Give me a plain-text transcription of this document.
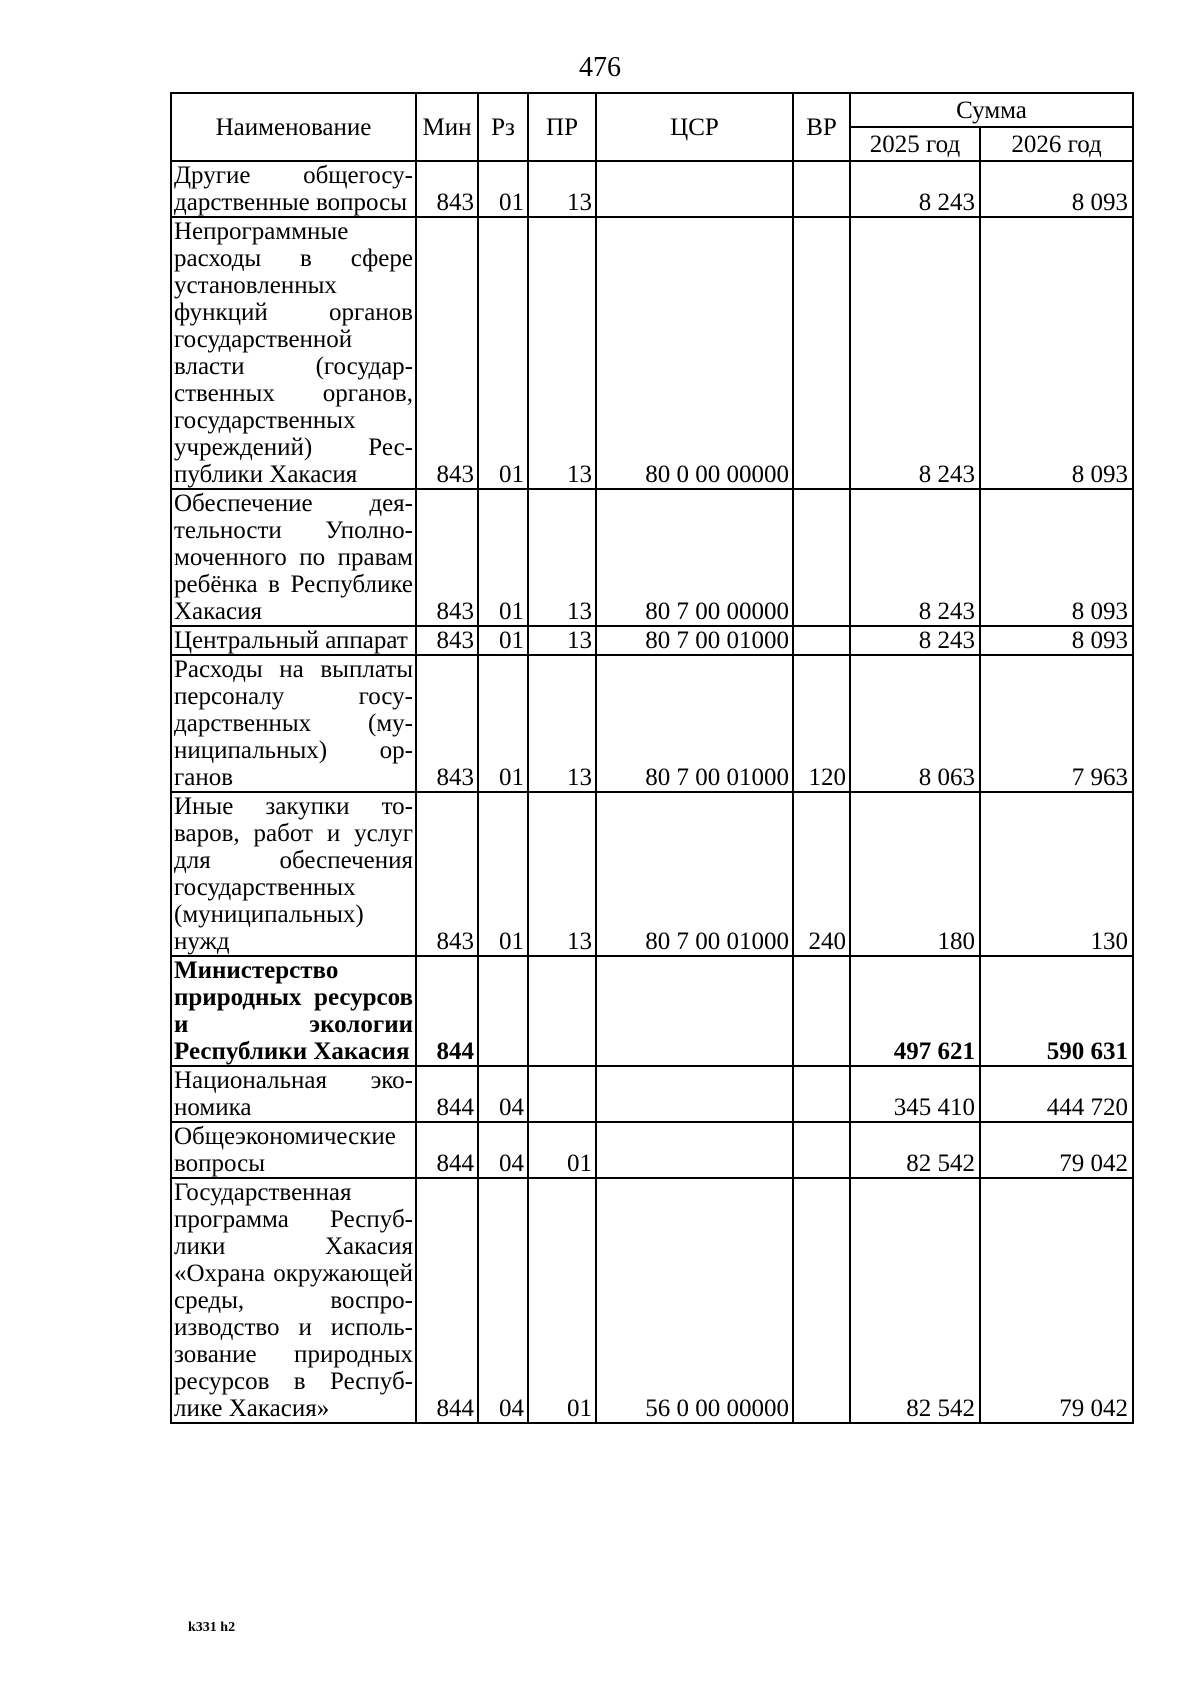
476
Наименование	Мин	Рз	ПР	ЦСР	ВР	Сумма	
						2025 год	2026 год
Другие общегосударственные вопросы	843	01	13			8 243	8 093
Непрограммные расходы в сфере установленных функций органов государственной власти (государственных органов, государственных учреждений) Республики Хакасия	843	01	13	80 0 00 00000		8 243	8 093
Обеспечение деятельности Уполномоченного по правам ребёнка в Республике Хакасия	843	01	13	80 7 00 00000		8 243	8 093
Центральный аппарат	843	01	13	80 7 00 01000		8 243	8 093
Расходы на выплаты персоналу государственных (муниципальных) органов	843	01	13	80 7 00 01000	120	8 063	7 963
Иные закупки товаров, работ и услуг для обеспечения государственных (муниципальных) нужд	843	01	13	80 7 00 01000	240	180	130
Министерство природных ресурсов и экологии Республики Хакасия	844					497 621	590 631
Национальная экономика	844	04				345 410	444 720
Общеэкономические вопросы	844	04	01			82 542	79 042
Государственная программа Республики Хакасия «Охрана окружающей среды, воспроизводство и использование природных ресурсов в Республике Хакасия»	844	04	01	56 0 00 00000		82 542	79 042
k331 h2
